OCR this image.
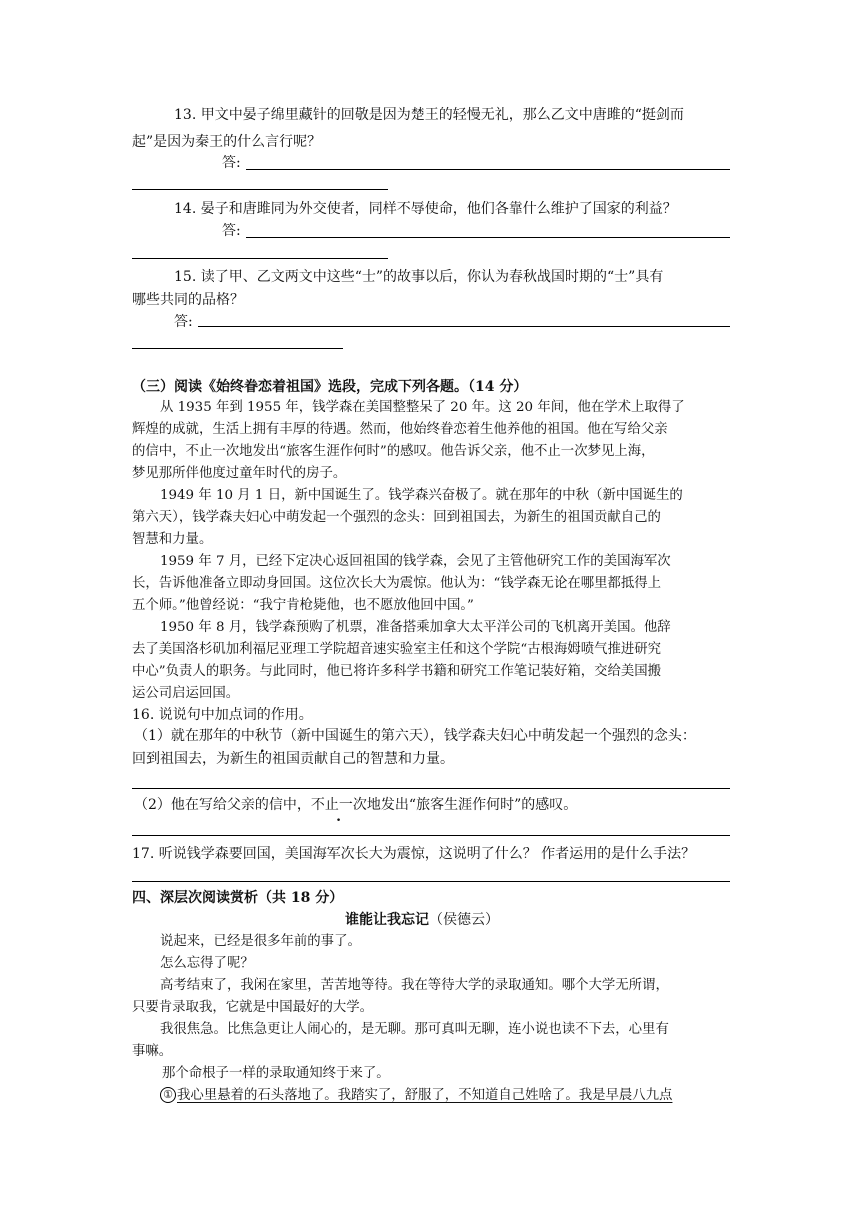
13. 甲文中晏子绵里藏针的回敬是因为楚王的轻慢无礼，那么乙文中唐雎的“挺剑而
起”是因为秦王的什么言行呢？
答:
14. 晏子和唐雎同为外交使者，同样不辱使命，他们各靠什么维护了国家的利益？
答:
15. 读了甲、乙文两文中这些“士”的故事以后，你认为春秋战国时期的“士”具有
哪些共同的品格？
答:
（三）阅读《始终眷恋着祖国》选段，完成下列各题。（14 分）
从 1935 年到 1955 年，钱学森在美国整整呆了 20 年。这 20 年间，他在学术上取得了
辉煌的成就，生活上拥有丰厚的待遇。然而，他始终眷恋着生他养他的祖国。他在写给父亲
的信中，不止一次地发出“旅客生涯作何时”的感叹。他告诉父亲，他不止一次梦见上海，
梦见那所伴他度过童年时代的房子。
1949 年 10 月 1 日，新中国诞生了。钱学森兴奋极了。就在那年的中秋（新中国诞生的
第六天），钱学森夫妇心中萌发起一个强烈的念头：回到祖国去，为新生的祖国贡献自己的
智慧和力量。
1959 年 7 月，已经下定决心返回祖国的钱学森，会见了主管他研究工作的美国海军次
长，告诉他准备立即动身回国。这位次长大为震惊。他认为：“钱学森无论在哪里都抵得上
五个师。”他曾经说：“我宁肯枪毙他，也不愿放他回中国。”
1950 年 8 月，钱学森预购了机票，准备搭乘加拿大太平洋公司的飞机离开美国。他辞
去了美国洛杉矶加利福尼亚理工学院超音速实验室主任和这个学院“古根海姆喷气推进研究
中心”负责人的职务。与此同时，他已将许多科学书籍和研究工作笔记装好箱，交给美国搬
运公司启运回国。
16. 说说句中加点词的作用。
（1）就在那年的中秋节（新中国诞生的第六天），钱学森夫妇心中萌发起一个强烈的念头：
回到祖国去，为新生的祖国贡献自己的智慧和力量。
（2）他在写给父亲的信中，不止一次地发出“旅客生涯作何时”的感叹。
17. 听说钱学森要回国，美国海军次长大为震惊，这说明了什么？ 作者运用的是什么手法？
四、深层次阅读赏析（共 18 分）
谁能让我忘记（侯德云）
说起来，已经是很多年前的事了。
怎么忘得了呢？
高考结束了，我闲在家里，苦苦地等待。我在等待大学的录取通知。哪个大学无所谓，
只要肯录取我，它就是中国最好的大学。
我很焦急。比焦急更让人闹心的，是无聊。那可真叫无聊，连小说也读不下去，心里有
事嘛。
那个命根子一样的录取通知终于来了。
① 我心里悬着的石头落地了。我踏实了，舒服了，不知道自己姓啥了。我是早晨八九点
